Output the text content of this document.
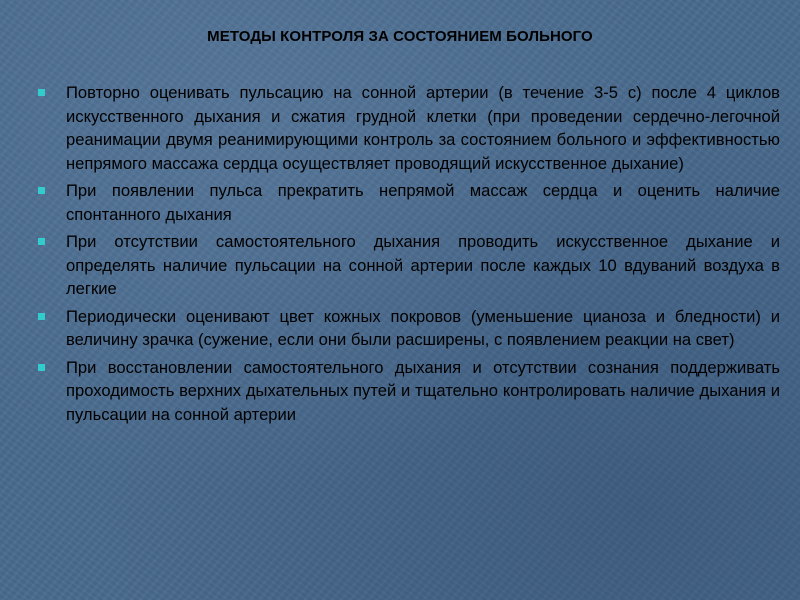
МЕТОДЫ КОНТРОЛЯ ЗА СОСТОЯНИЕМ БОЛЬНОГО
Повторно оценивать пульсацию на сонной артерии (в течение 3-5 с) после 4 циклов искусственного дыхания и сжатия грудной клетки (при проведении сердечно-легочной реанимации двумя реанимирующими контроль за состоянием больного и эффективностью непрямого массажа сердца осуществляет проводящий искусственное дыхание)
При появлении пульса прекратить непрямой массаж сердца и оценить наличие спонтанного дыхания
При отсутствии самостоятельного дыхания проводить искусственное дыхание и определять наличие пульсации на сонной артерии после каждых 10 вдуваний воздуха в легкие
Периодически оценивают цвет кожных покровов (уменьшение цианоза и бледности) и величину зрачка (сужение, если они были расширены, с появлением реакции на свет)
При восстановлении самостоятельного дыхания и отсутствии сознания поддерживать проходимость верхних дыхательных путей и тщательно контролировать наличие дыхания и пульсации на сонной артерии
